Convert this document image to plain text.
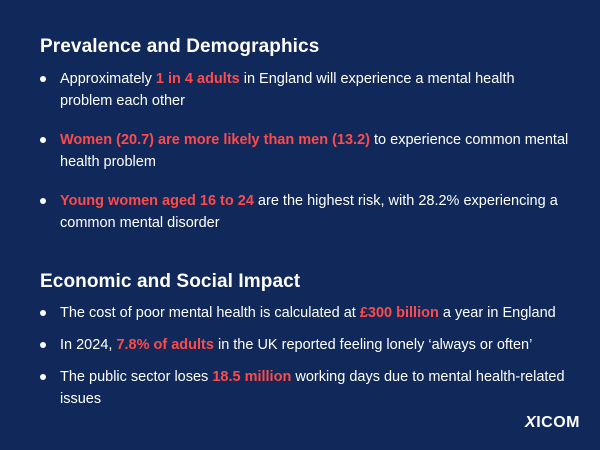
Prevalence and Demographics
Approximately 1 in 4 adults in England will experience a mental health problem each other
Women (20.7) are more likely than men (13.2) to experience common mental health problem
Young women aged 16 to 24 are the highest risk, with 28.2% experiencing a common mental disorder
Economic and Social Impact
The cost of poor mental health is calculated at £300 billion a year in England
In 2024, 7.8% of adults in the UK reported feeling lonely ‘always or often’
The public sector loses 18.5 million working days due to mental health-related issues
XICOM
